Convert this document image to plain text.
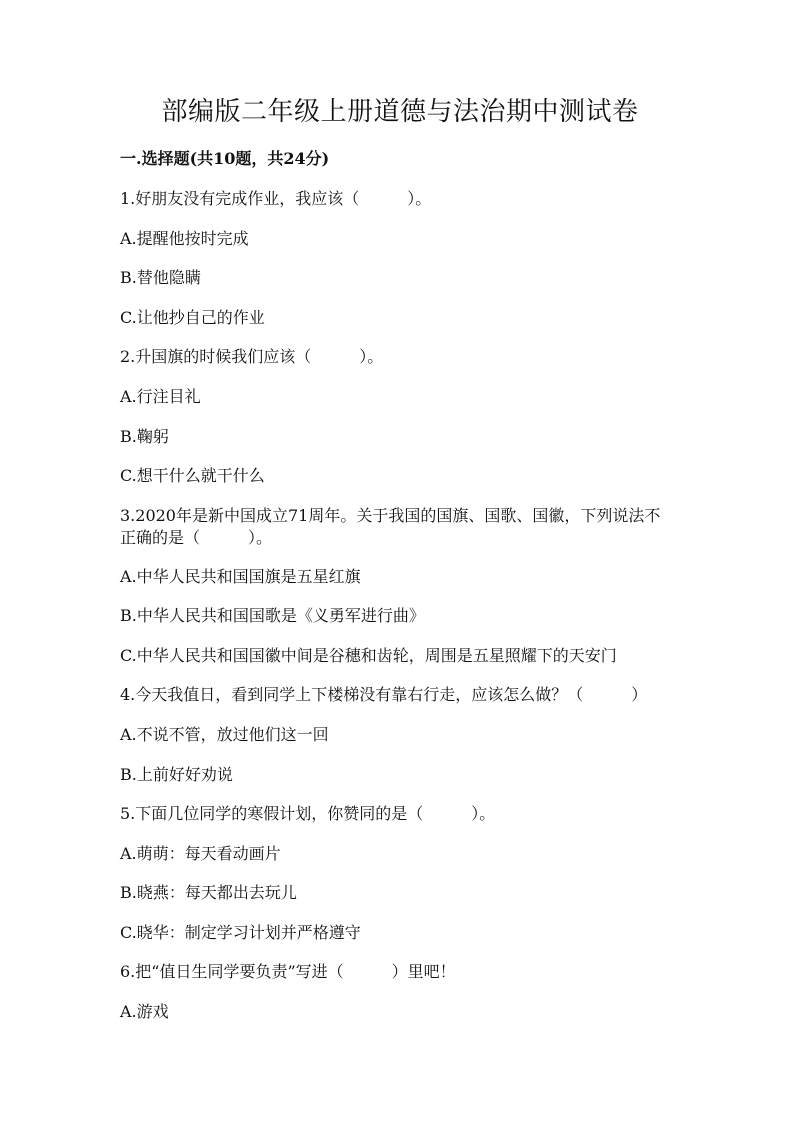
部编版二年级上册道德与法治期中测试卷
一.选择题(共10题，共24分)
1.好朋友没有完成作业，我应该（　　　）。
A.提醒他按时完成
B.替他隐瞒
C.让他抄自己的作业
2.升国旗的时候我们应该（　　　）。
A.行注目礼
B.鞠躬
C.想干什么就干什么
3.2020年是新中国成立71周年。关于我国的国旗、国歌、国徽，下列说法不
正确的是（　　　）。
A.中华人民共和国国旗是五星红旗
B.中华人民共和国国歌是《义勇军进行曲》
C.中华人民共和国国徽中间是谷穗和齿轮，周围是五星照耀下的天安门
4.今天我值日，看到同学上下楼梯没有靠右行走，应该怎么做？（　　　）
A.不说不管，放过他们这一回
B.上前好好劝说
5.下面几位同学的寒假计划，你赞同的是（　　　）。
A.萌萌：每天看动画片
B.晓燕：每天都出去玩儿
C.晓华：制定学习计划并严格遵守
6.把“值日生同学要负责”写进（　　　）里吧！
A.游戏
